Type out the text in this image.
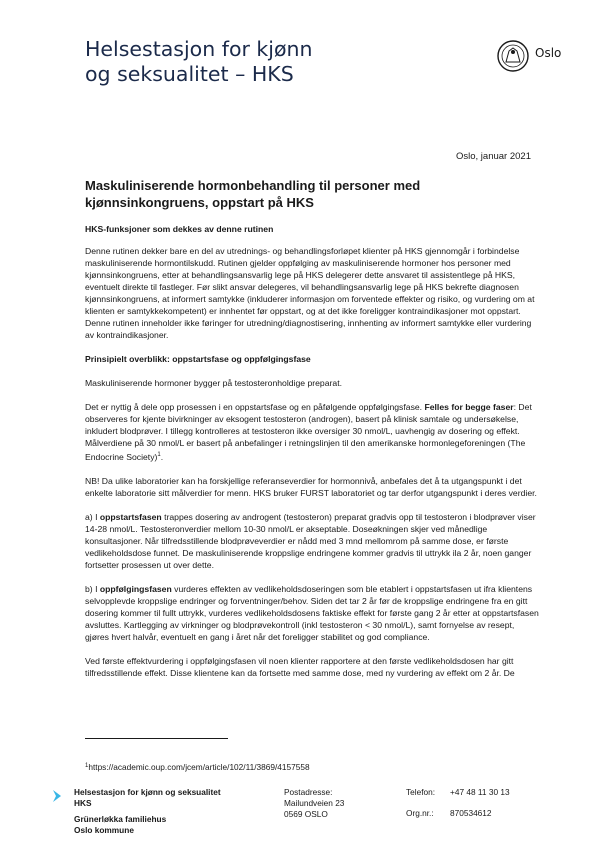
Helsestasjon for kjønn
og seksualitet – HKS
Oslo
Oslo, januar 2021
Maskuliniserende hormonbehandling til personer med kjønnsinkongruens, oppstart på HKS

HKS-funksjoner som dekkes av denne rutinen

Denne rutinen dekker bare en del av utrednings- og behandlingsforløpet klienter på HKS gjennomgår i forbindelse maskuliniserende hormontilskudd. Rutinen gjelder oppfølging av maskuliniserende hormoner hos personer med kjønnsinkongruens, etter at behandlingsansvarlig lege på HKS delegerer dette ansvaret til assistentlege på HKS, eventuelt direkte til fastleger. Før slikt ansvar delegeres, vil behandlingsansvarlig lege på HKS bekrefte diagnosen kjønnsinkongruens, at informert samtykke (inkluderer informasjon om forventede effekter og risiko, og vurdering om at klienten er samtykkekompetent) er innhentet før oppstart, og at det ikke foreligger kontraindikasjoner mot oppstart. Denne rutinen inneholder ikke føringer for utredning/diagnostisering, innhenting av informert samtykke eller vurdering av kontraindikasjoner.

Prinsipielt overblikk: oppstartsfase og oppfølgingsfase

Maskuliniserende hormoner bygger på testosteronholdige preparat.

Det er nyttig å dele opp prosessen i en oppstartsfase og en påfølgende oppfølgingsfase. Felles for begge faser: Det observeres for kjente bivirkninger av eksogent testosteron (androgen), basert på klinisk samtale og undersøkelse, inkludert blodprøver. I tillegg kontrolleres at testosteron ikke oversiger 30 nmol/L, uavhengig av dosering og effekt. Målverdiene på 30 nmol/L er basert på anbefalinger i retningslinjen til den amerikanske hormonlegeforeningen (The Endocrine Society)$^1$.

NB! Da ulike laboratorier kan ha forskjellige referanseverdier for hormonnivå, anbefales det å ta utgangspunkt i det enkelte laboratorie sitt målverdier for menn. HKS bruker FURST laboratoriet og tar derfor utgangspunkt i deres verdier.

a) I oppstartsfasen trappes dosering av androgent (testosteron) preparat gradvis opp til testosteron i blodprøver viser 14-28 nmol/L. Testosteronverdier mellom 10-30 nmol/L er akseptable. Doseøkningen skjer ved månedlige konsultasjoner. Når tilfredsstillende blodprøveverdier er nådd med 3 mnd mellomrom på samme dose, er første vedlikeholdsdose funnet. De maskuliniserende kroppslige endringene kommer gradvis til uttrykk ila 2 år, noen ganger fortsetter prosessen ut over dette.

b) I oppfølgingsfasen vurderes effekten av vedlikeholdsdoseringen som ble etablert i oppstartsfasen ut ifra klientens selvopplevde kroppslige endringer og forventninger/behov. Siden det tar 2 år før de kroppslige endringene fra en gitt dosering kommer til fullt uttrykk, vurderes vedlikeholdsdosens faktiske effekt for første gang 2 år etter at oppstartsfasen avsluttes. Kartlegging av virkninger og blodprøvekontroll (inkl testosteron < 30 nmol/L), samt fornyelse av resept, gjøres hvert halvår, eventuelt en gang i året når det foreligger stabilitet og god compliance.

Ved første effektvurdering i oppfølgingsfasen vil noen klienter rapportere at den første vedlikeholdsdosen har gitt tilfredsstillende effekt. Disse klientene kan da fortsette med samme dose, med ny vurdering av effekt om 2 år. De

$^1$https://academic.oup.com/jcem/article/102/11/3869/4157558
Helsestasjon for kjønn og seksualitet
HKS
Grünerløkka familiehus
Oslo kommune
Postadresse:
Mailundveien 23
0569 OSLO
Telefon: +47 48 11 30 13
Org.nr.: 870534612
